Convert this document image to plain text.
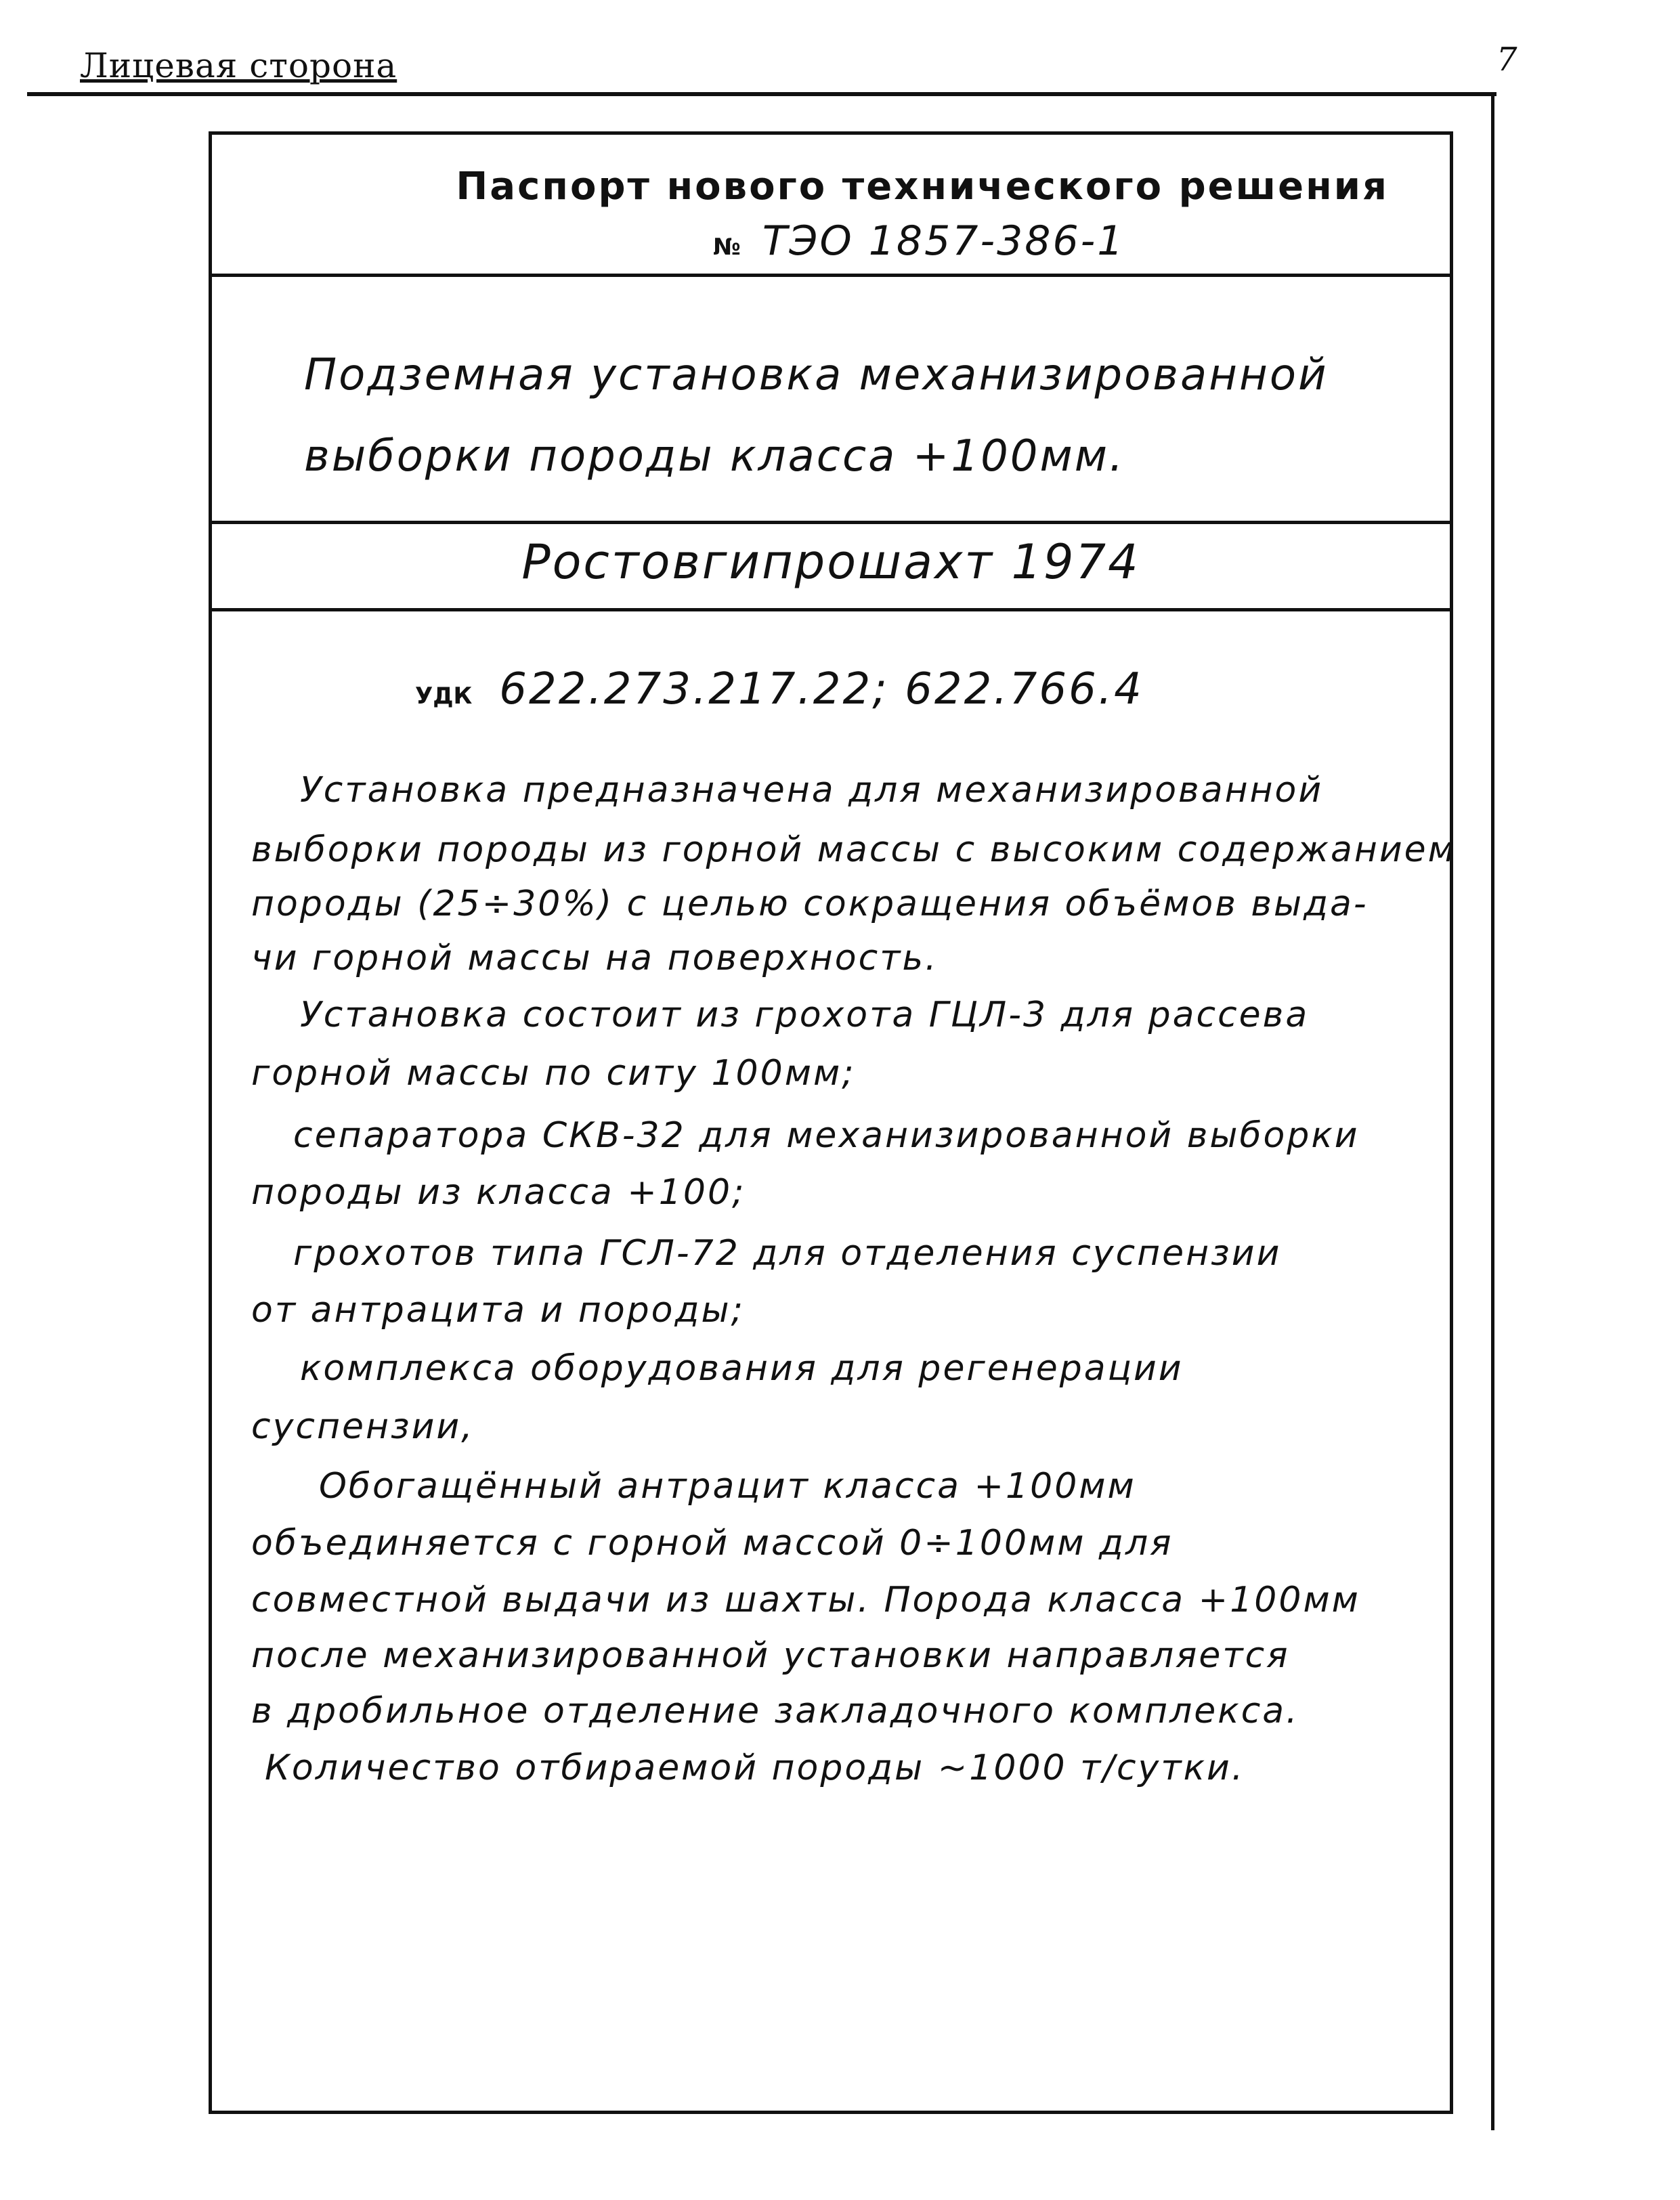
Лицевая сторона	7
Паспорт нового технического решения
№ ТЭО 1857-386-1
Подземная установка механизированной
выборки породы класса +100мм.
Ростовгипрошахт 1974
УДК 622.273.217.22; 622.766.4
Установка предназначена для механизированной
выборки породы из горной массы с высоким содержанием
породы (25÷30%) с целью сокращения объёмов выда-
чи горной массы на поверхность.
Установка состоит из грохота ГЦЛ-3 для рассева
горной массы по ситу 100мм;
сепаратора СКВ-32 для механизированной выборки
породы из класса +100;
грохотов типа ГСЛ-72 для отделения суспензии
от антрацита и породы;
комплекса оборудования для регенерации
суспензии,
Обогащённый антрацит класса +100мм
объединяется с горной массой 0÷100мм для
совместной выдачи из шахты. Порода класса +100мм
после механизированной установки направляется
в дробильное отделение закладочного комплекса.
Количество отбираемой породы ~1000 т/сутки.
